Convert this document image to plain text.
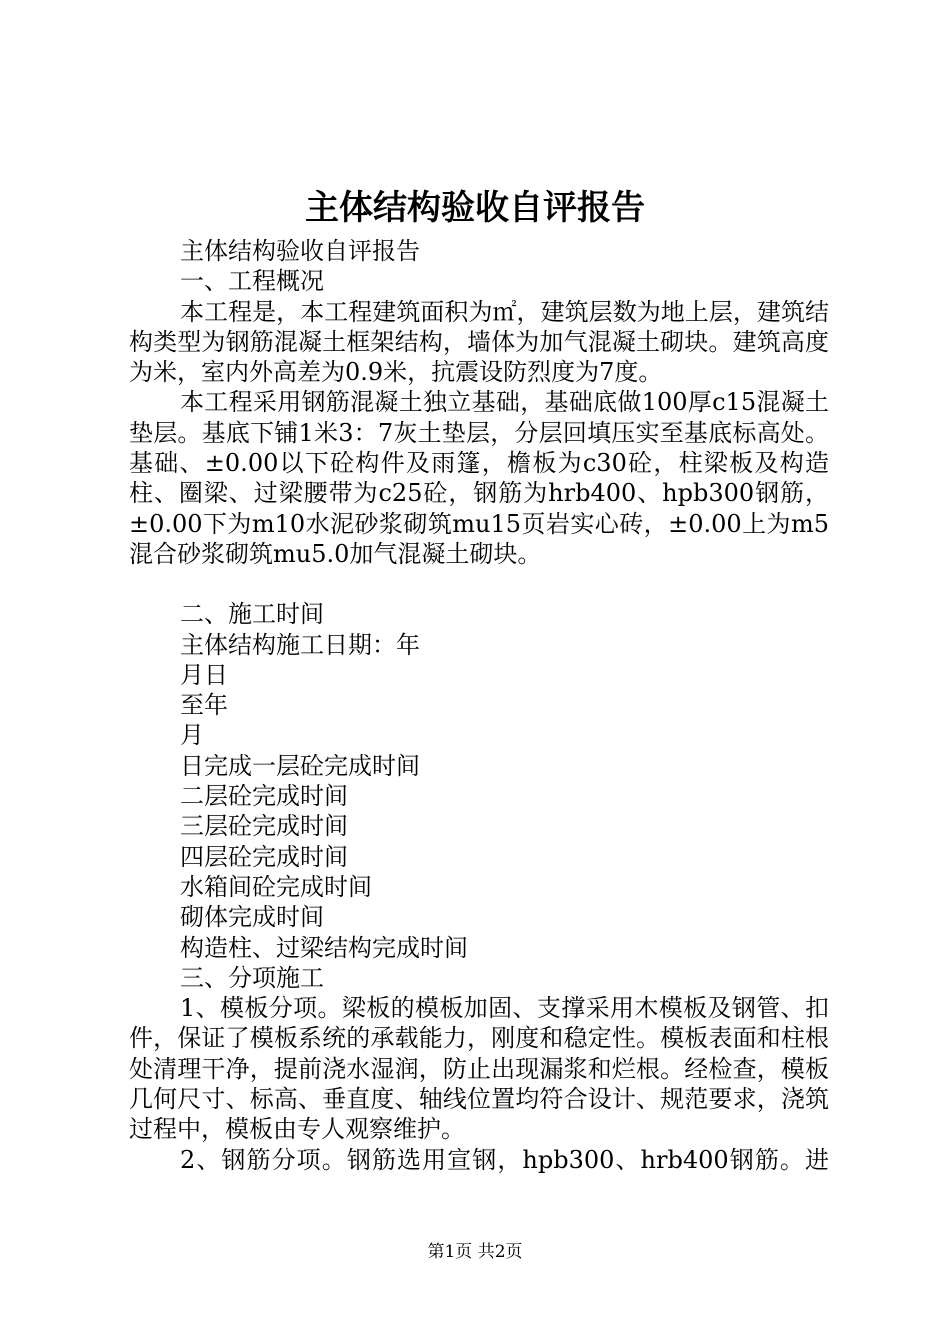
主体结构验收自评报告

主体结构验收自评报告

一、工程概况

本工程是，本工程建筑面积为㎡，建筑层数为地上层，建筑结构类型为钢筋混凝土框架结构，墙体为加气混凝土砌块。建筑高度为米，室内外高差为0.9米，抗震设防烈度为7度。

本工程采用钢筋混凝土独立基础，基础底做100厚c15混凝土垫层。基底下铺1米3：7灰土垫层，分层回填压实至基底标高处。基础、±0.00以下砼构件及雨篷，檐板为c30砼，柱梁板及构造柱、圈梁、过梁腰带为c25砼，钢筋为hrb400、hpb300钢筋，±0.00下为m10水泥砂浆砌筑mu15页岩实心砖，±0.00上为m5混合砂浆砌筑mu5.0加气混凝土砌块。

二、施工时间

主体结构施工日期：年

月日

至年

月

日完成一层砼完成时间

二层砼完成时间

三层砼完成时间

四层砼完成时间

水箱间砼完成时间

砌体完成时间

构造柱、过梁结构完成时间

三、分项施工

1、模板分项。梁板的模板加固、支撑采用木模板及钢管、扣件，保证了模板系统的承载能力，刚度和稳定性。模板表面和柱根处清理干净，提前浇水湿润，防止出现漏浆和烂根。经检查，模板几何尺寸、标高、垂直度、轴线位置均符合设计、规范要求，浇筑过程中，模板由专人观察维护。

2、钢筋分项。钢筋选用宣钢，hpb300、hrb400钢筋。进

第1页 共2页
